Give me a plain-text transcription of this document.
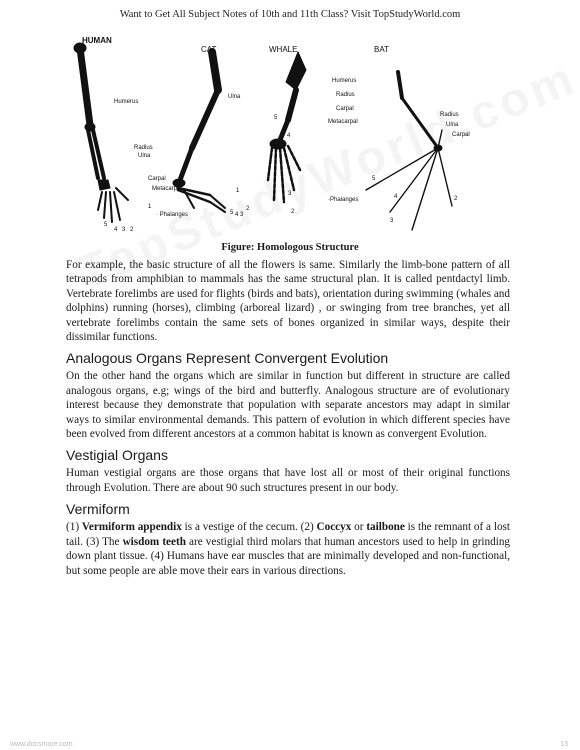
Want to Get All Subject Notes of 10th and 11th Class? Visit TopStudyWorld.com
HUMAN
CAT	WHALE	BAT
Humerus
Radius
Ulna
Carpal
Metacarpal
· Phalanges
5
4 3 2
1
Ulna
1
5 4 3
2
Humerus
Radius
Carpal
Metacarpal
·Phalanges
5
4
3
2
Radius
Ulna
Carpal
5
4
3
2
Figure: Homologous Structure

For example, the basic structure of all the flowers is same. Similarly the limb-bone pattern of all tetrapods from amphibian to mammals has the same structural plan. It is called pentdactyl limb. Vertebrate forelimbs are used for flights (birds and bats), orientation during swimming (whales and dolphins) running (horses), climbing (arboreal lizard) , or swinging from tree branches, yet all vertebrate forelimbs contain the same sets of bones organized in similar ways, despite their dissimilar functions.

Analogous Organs Represent Convergent Evolution

On the other hand the organs which are similar in function but different in structure are called analogous organs, e.g; wings of the bird and butterfly. Analogous structure are of evolutionary interest because they demonstrate that population with separate ancestors may adapt in similar ways to similar environmental demands. This pattern of evolution in which different species have been evolved from different ancestors at a common habitat is known as convergent Evolution.

Vestigial Organs

Human vestigial organs are those organs that have lost all or most of their original functions through Evolution. There are about 90 such structures present in our body.

Vermiform

(1) Vermiform appendix is a vestige of the cecum. (2) Coccyx or tailbone is the remnant of a lost tail. (3) The wisdom teeth are vestigial third molars that human ancestors used to help in grinding down plant tissue. (4) Humans have ear muscles that are minimally developed and non-functional, but some people are able move their ears in various directions.

www.docsmore.com	13
